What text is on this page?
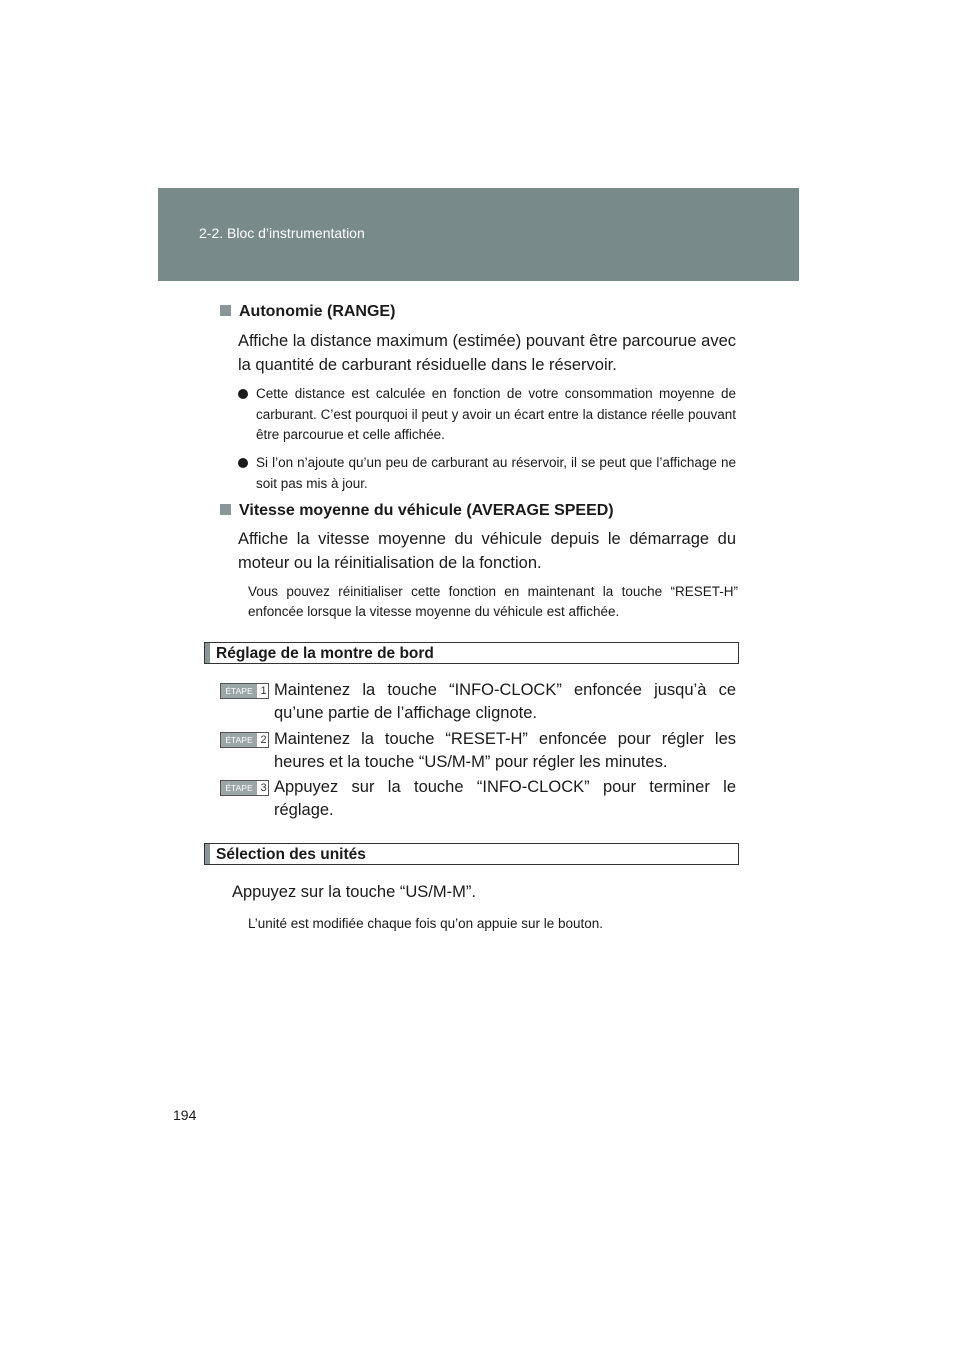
2-2. Bloc d’instrumentation
Autonomie (RANGE)
Affiche la distance maximum (estimée) pouvant être parcourue avec la quantité de carburant résiduelle dans le réservoir.
Cette distance est calculée en fonction de votre consommation moyenne de carburant. C’est pourquoi il peut y avoir un écart entre la distance réelle pouvant être parcourue et celle affichée.
Si l’on n’ajoute qu’un peu de carburant au réservoir, il se peut que l’affichage ne soit pas mis à jour.
Vitesse moyenne du véhicule (AVERAGE SPEED)
Affiche la vitesse moyenne du véhicule depuis le démarrage du moteur ou la réinitialisation de la fonction.
Vous pouvez réinitialiser cette fonction en maintenant la touche “RESET-H” enfoncée lorsque la vitesse moyenne du véhicule est affichée.
Réglage de la montre de bord
ÉTAPE 1 Maintenez la touche “INFO-CLOCK” enfoncée jusqu’à ce qu’une partie de l’affichage clignote.
ÉTAPE 2 Maintenez la touche “RESET-H” enfoncée pour régler les heures et la touche “US/M-M” pour régler les minutes.
ÉTAPE 3 Appuyez sur la touche “INFO-CLOCK” pour terminer le réglage.
Sélection des unités
Appuyez sur la touche “US/M-M”.
L’unité est modifiée chaque fois qu’on appuie sur le bouton.
194
